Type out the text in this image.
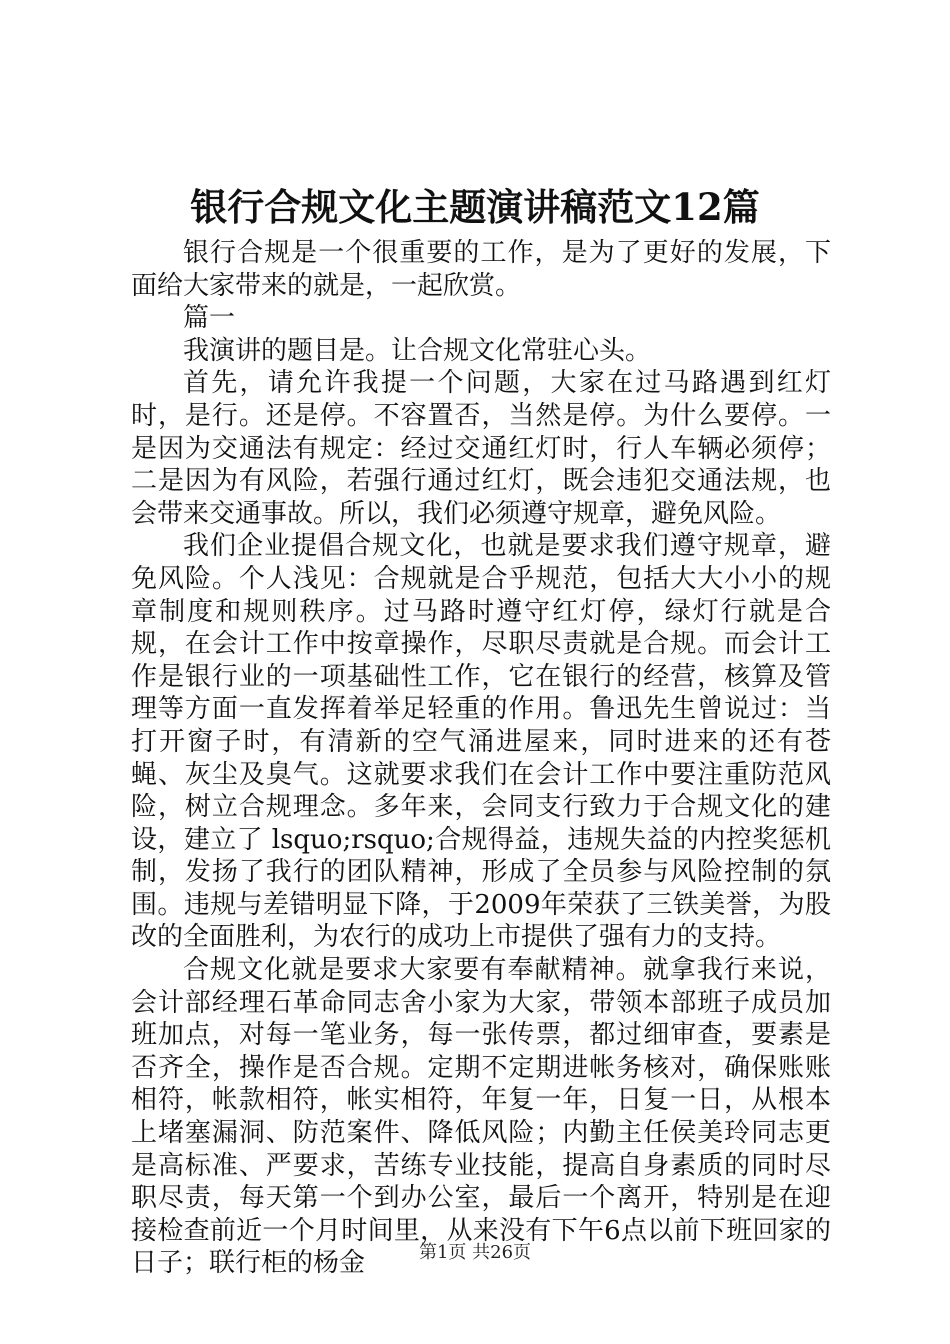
银行合规文化主题演讲稿范文12篇

银行合规是一个很重要的工作，是为了更好的发展，下面给大家带来的就是，一起欣赏。

篇一

我演讲的题目是。让合规文化常驻心头。

首先，请允许我提一个问题，大家在过马路遇到红灯时，是行。还是停。不容置否，当然是停。为什么要停。一是因为交通法有规定：经过交通红灯时，行人车辆必须停；二是因为有风险，若强行通过红灯，既会违犯交通法规，也会带来交通事故。所以，我们必须遵守规章，避免风险。

我们企业提倡合规文化，也就是要求我们遵守规章，避免风险。个人浅见：合规就是合乎规范，包括大大小小的规章制度和规则秩序。过马路时遵守红灯停，绿灯行就是合规，在会计工作中按章操作，尽职尽责就是合规。而会计工作是银行业的一项基础性工作，它在银行的经营，核算及管理等方面一直发挥着举足轻重的作用。鲁迅先生曾说过：当打开窗子时，有清新的空气涌进屋来，同时进来的还有苍蝇、灰尘及臭气。这就要求我们在会计工作中要注重防范风险，树立合规理念。多年来，会同支行致力于合规文化的建设，建立了 lsquo;rsquo;合规得益，违规失益的内控奖惩机制，发扬了我行的团队精神，形成了全员参与风险控制的氛围。违规与差错明显下降，于2009年荣获了三铁美誉，为股改的全面胜利，为农行的成功上市提供了强有力的支持。

合规文化就是要求大家要有奉献精神。就拿我行来说，会计部经理石革命同志舍小家为大家，带领本部班子成员加班加点，对每一笔业务，每一张传票，都过细审查，要素是否齐全，操作是否合规。定期不定期进帐务核对，确保账账相符，帐款相符，帐实相符，年复一年，日复一日，从根本上堵塞漏洞、防范案件、降低风险；内勤主任侯美玲同志更是高标准、严要求，苦练专业技能，提高自身素质的同时尽职尽责，每天第一个到办公室，最后一个离开，特别是在迎接检查前近一个月时间里，从来没有下午6点以前下班回家的日子；联行柜的杨金	第1页 共26页
